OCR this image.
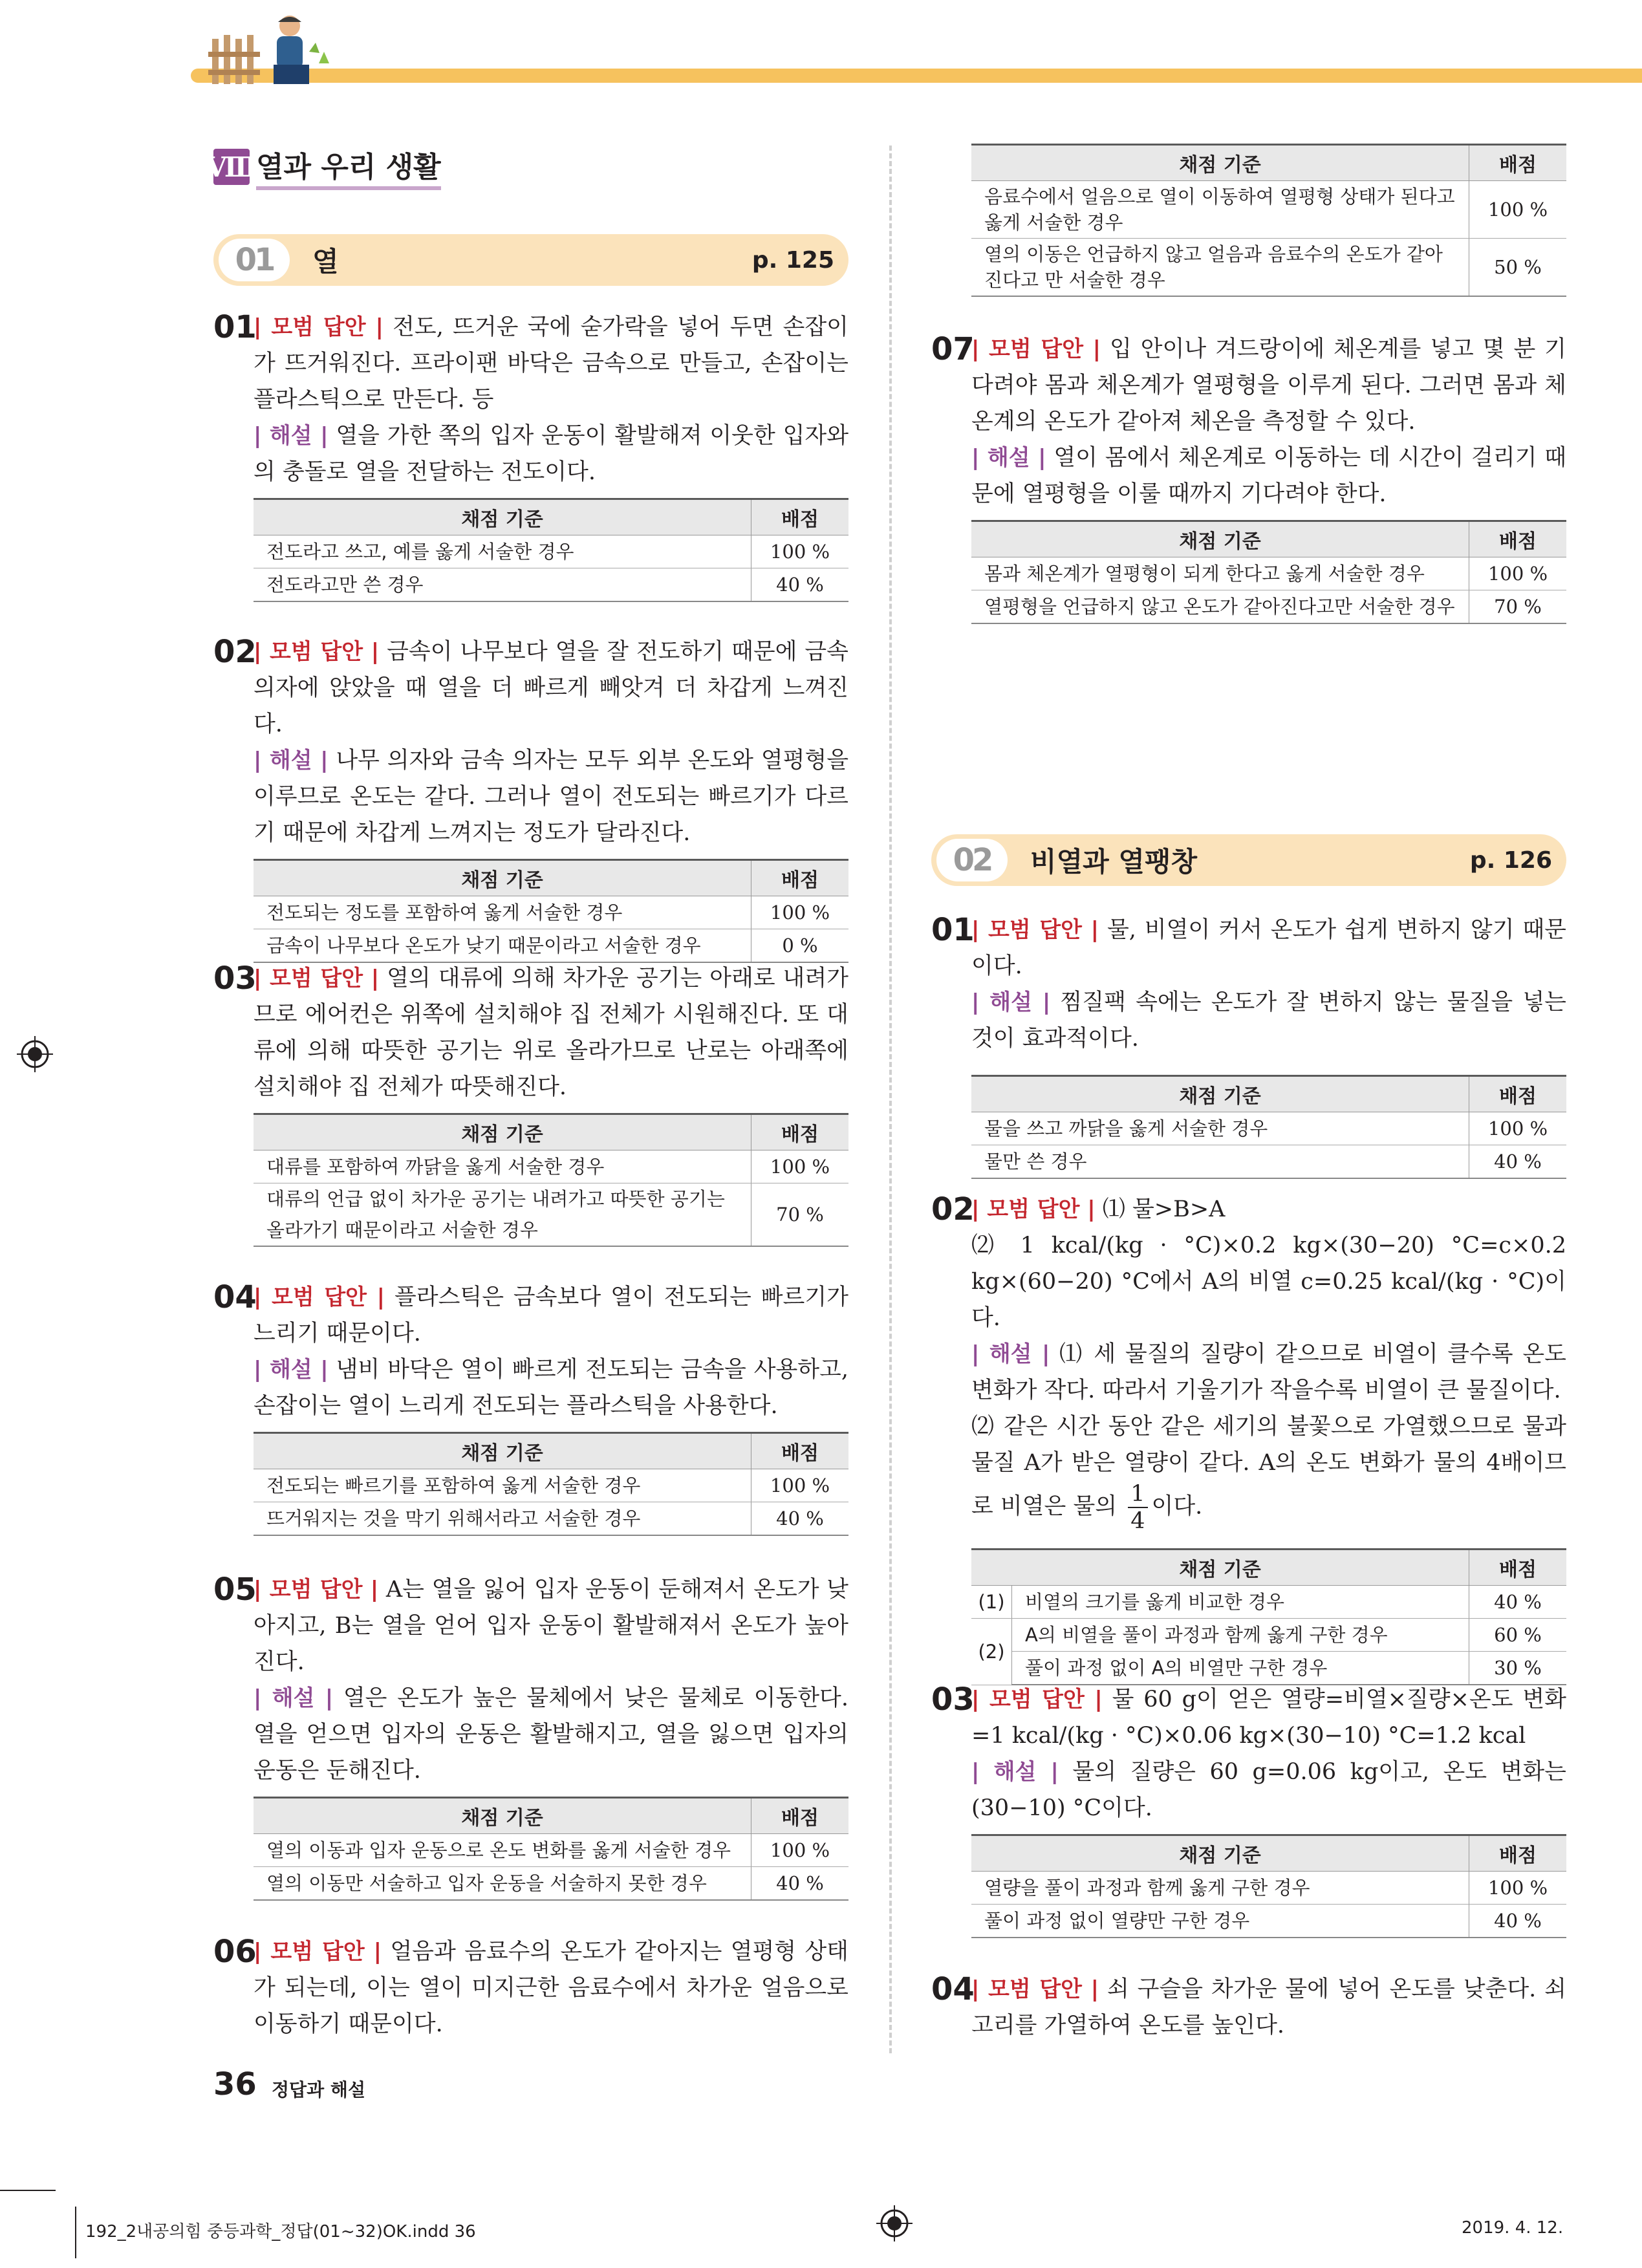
Ⅷ
열과 우리 생활
01	열	p. 125
01
| 모범 답안 | 전도, 뜨거운 국에 숟가락을 넣어 두면 손잡이가 뜨거워진다. 프라이팬 바닥은 금속으로 만들고, 손잡이는 플라스틱으로 만든다. 등
| 해설 | 열을 가한 쪽의 입자 운동이 활발해져 이웃한 입자와의 충돌로 열을 전달하는 전도이다.
채점 기준	배점
전도라고 쓰고, 예를 옳게 서술한 경우	100 %
전도라고만 쓴 경우	40 %
02
| 모범 답안 | 금속이 나무보다 열을 잘 전도하기 때문에 금속 의자에 앉았을 때 열을 더 빠르게 빼앗겨 더 차갑게 느껴진다.
| 해설 | 나무 의자와 금속 의자는 모두 외부 온도와 열평형을 이루므로 온도는 같다. 그러나 열이 전도되는 빠르기가 다르기 때문에 차갑게 느껴지는 정도가 달라진다.
채점 기준	배점
전도되는 정도를 포함하여 옳게 서술한 경우	100 %
금속이 나무보다 온도가 낮기 때문이라고 서술한 경우	0 %
03
| 모범 답안 | 열의 대류에 의해 차가운 공기는 아래로 내려가므로 에어컨은 위쪽에 설치해야 집 전체가 시원해진다. 또 대류에 의해 따뜻한 공기는 위로 올라가므로 난로는 아래쪽에 설치해야 집 전체가 따뜻해진다.
채점 기준	배점
대류를 포함하여 까닭을 옳게 서술한 경우	100 %
대류의 언급 없이 차가운 공기는 내려가고 따뜻한 공기는 올라가기 때문이라고 서술한 경우	70 %
04
| 모범 답안 | 플라스틱은 금속보다 열이 전도되는 빠르기가 느리기 때문이다.
| 해설 | 냄비 바닥은 열이 빠르게 전도되는 금속을 사용하고, 손잡이는 열이 느리게 전도되는 플라스틱을 사용한다.
채점 기준	배점
전도되는 빠르기를 포함하여 옳게 서술한 경우	100 %
뜨거워지는 것을 막기 위해서라고 서술한 경우	40 %
05
| 모범 답안 | A는 열을 잃어 입자 운동이 둔해져서 온도가 낮아지고, B는 열을 얻어 입자 운동이 활발해져서 온도가 높아진다.
| 해설 | 열은 온도가 높은 물체에서 낮은 물체로 이동한다. 열을 얻으면 입자의 운동은 활발해지고, 열을 잃으면 입자의 운동은 둔해진다.
채점 기준	배점
열의 이동과 입자 운동으로 온도 변화를 옳게 서술한 경우	100 %
열의 이동만 서술하고 입자 운동을 서술하지 못한 경우	40 %
06
| 모범 답안 | 얼음과 음료수의 온도가 같아지는 열평형 상태가 되는데, 이는 열이 미지근한 음료수에서 차가운 얼음으로 이동하기 때문이다.
채점 기준	배점
음료수에서 얼음으로 열이 이동하여 열평형 상태가 된다고 옳게 서술한 경우	100 %
열의 이동은 언급하지 않고 얼음과 음료수의 온도가 같아진다고 만 서술한 경우	50 %
07
| 모범 답안 | 입 안이나 겨드랑이에 체온계를 넣고 몇 분 기다려야 몸과 체온계가 열평형을 이루게 된다. 그러면 몸과 체온계의 온도가 같아져 체온을 측정할 수 있다.
| 해설 | 열이 몸에서 체온계로 이동하는 데 시간이 걸리기 때문에 열평형을 이룰 때까지 기다려야 한다.
채점 기준	배점
몸과 체온계가 열평형이 되게 한다고 옳게 서술한 경우	100 %
열평형을 언급하지 않고 온도가 같아진다고만 서술한 경우	70 %
02	비열과 열팽창	p. 126
01
| 모범 답안 | 물, 비열이 커서 온도가 쉽게 변하지 않기 때문이다.
| 해설 | 찜질팩 속에는 온도가 잘 변하지 않는 물질을 넣는 것이 효과적이다.
채점 기준	배점
물을 쓰고 까닭을 옳게 서술한 경우	100 %
물만 쓴 경우	40 %
02
| 모범 답안 | ⑴ 물>B>A
⑵ 1 kcal/(kg · °C)×0.2 kg×(30−20) °C=c×0.2 kg×(60−20) °C에서 A의 비열 c=0.25 kcal/(kg · °C)이다.
| 해설 | ⑴ 세 물질의 질량이 같으므로 비열이 클수록 온도 변화가 작다. 따라서 기울기가 작을수록 비열이 큰 물질이다.
⑵ 같은 시간 동안 같은 세기의 불꽃으로 가열했으므로 물과 물질 A가 받은 열량이 같다. A의 온도 변화가 물의 4배이므로 비열은 물의 $\frac{1}{4}$ 이다.
채점 기준		배점
(1)	비열의 크기를 옳게 비교한 경우	40 %
(2)	A의 비열을 풀이 과정과 함께 옳게 구한 경우	60 %
	풀이 과정 없이 A의 비열만 구한 경우	30 %
03
| 모범 답안 | 물 60 g이 얻은 열량=비열×질량×온도 변화=1 kcal/(kg · °C)×0.06 kg×(30−10) °C=1.2 kcal
| 해설 | 물의 질량은 60 g=0.06 kg이고, 온도 변화는 (30−10) °C이다.
채점 기준	배점
열량을 풀이 과정과 함께 옳게 구한 경우	100 %
풀이 과정 없이 열량만 구한 경우	40 %
04
| 모범 답안 | 쇠 구슬을 차가운 물에 넣어 온도를 낮춘다. 쇠고리를 가열하여 온도를 높인다.
36 정답과 해설
192_2내공의힘 중등과학_정답(01~32)OK.indd 36	2019. 4. 12.
